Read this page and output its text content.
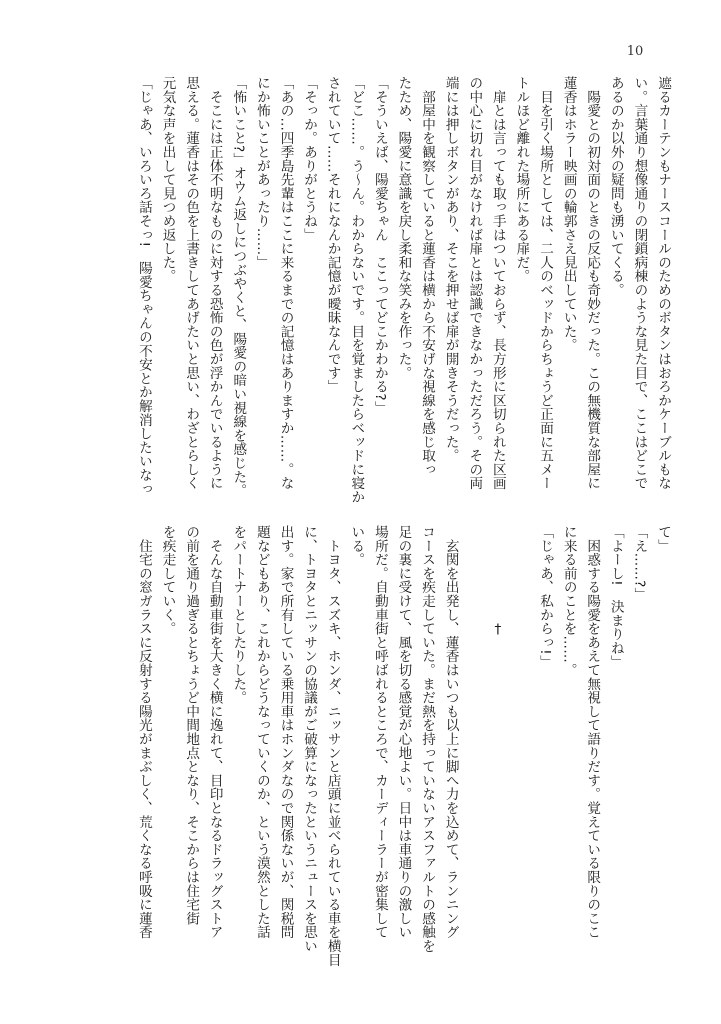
10
遮るカーテンもナースコールのためのボタンはおろかケーブルもな
い。言葉通り想像通りの閉鎖病棟のような見た目で、ここはどこで
あるのか以外の疑問も湧いてくる。
　陽愛との初対面のときの反応も奇妙だった。この無機質な部屋に
蓮香はホラー映画の輪郭さえ見出していた。
　目を引く場所としては、二人のベッドからちょうど正面に五メー
トルほど離れた場所にある扉だ。
　扉とは言っても取っ手はついておらず、長方形に区切られた区画
の中心に切れ目がなければ扉とは認識できなかっただろう。その両
端には押しボタンがあり、そこを押せば扉が開きそうだった。
　部屋中を観察していると蓮香は横から不安げな視線を感じ取っ
たため、陽愛に意識を戻し柔和な笑みを作った。
「そういえば、陽愛ちゃん　ここってどこかわかる?」
「どこ……。う〜ん。わからないです。目を覚ましたらベッドに寝か
されていて……それになんか記憶が曖昧なんです」
「そっか。ありがとうね」
「あの…四季島先輩はここに来るまでの記憶はありますか……。な
にか怖いことがあったり……」
「怖いこと?」オウム返しにつぶやくと、陽愛の暗い視線を感じた。
　そこには正体不明なものに対する恐怖の色が浮かんでいるように
思える。蓮香はその色を上書きしてあげたいと思い、わざとらしく
元気な声を出して見つめ返した。
「じゃあ、いろいろ話そっ!　陽愛ちゃんの不安とか解消したいなっ
て」
「え……?」
「よーし!　決まりね」
　困惑する陽愛をあえて無視して語りだす。覚えている限りのここ
に来る前のことを……。
「じゃあ、私からっ!」
　　　　　　　†
　玄関を出発し、蓮香はいつも以上に脚へ力を込めて、ランニング
コースを疾走していた。まだ熱を持っていないアスファルトの感触を
足の裏に受けて、風を切る感覚が心地よい。日中は車通りの激しい
場所だ。自動車街と呼ばれるところで、カーディーラーが密集して
いる。
　トヨタ、スズキ、ホンダ、ニッサンと店頭に並べられている車を横目
に、トヨタとニッサンの協議がご破算になったというニュースを思い
出す。家で所有している乗用車はホンダなので関係ないが、関税問
題などもあり、これからどうなっていくのか、という漠然とした話
をパートナーとしたりした。
　そんな自動車街を大きく横に逸れて、目印となるドラッグストア
の前を通り過ぎるとちょうど中間地点となり、そこからは住宅街
を疾走していく。
　住宅の窓ガラスに反射する陽光がまぶしく、荒くなる呼吸に蓮香
